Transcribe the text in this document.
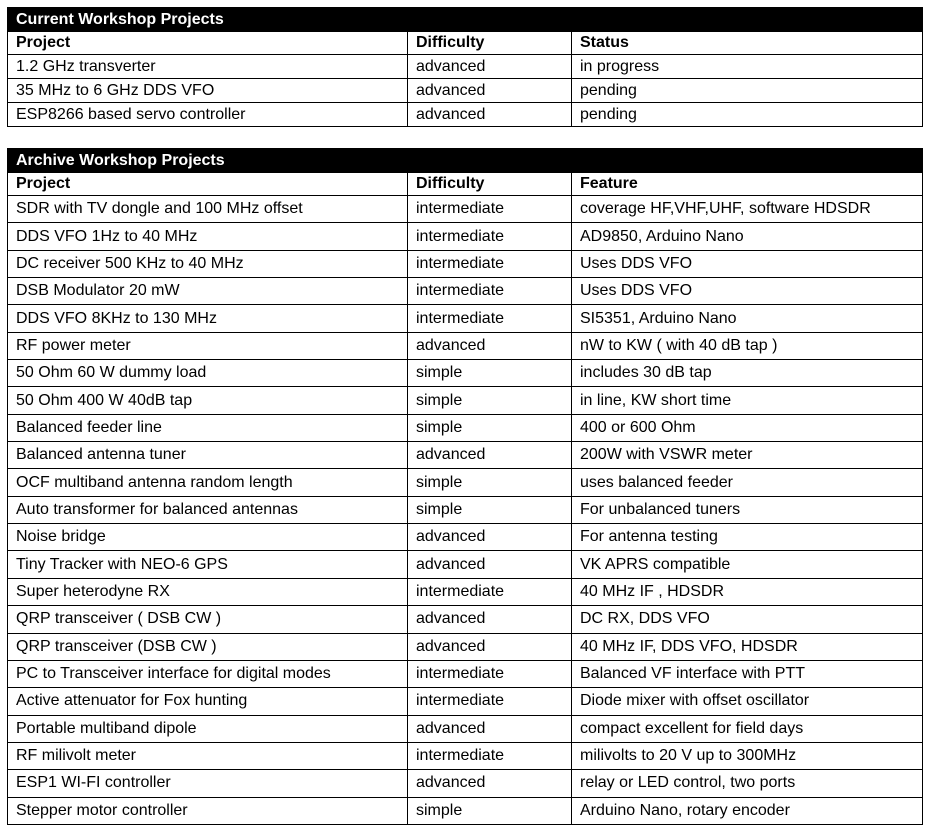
Current Workshop Projects		
Project	Difficulty	Status
1.2 GHz transverter	advanced	in progress
35 MHz to 6 GHz DDS VFO	advanced	pending
ESP8266 based servo controller	advanced	pending
Archive Workshop Projects		
Project	Difficulty	Feature
SDR with TV dongle and 100 MHz offset	intermediate	coverage HF,VHF,UHF, software HDSDR
DDS VFO 1Hz to 40 MHz	intermediate	AD9850, Arduino Nano
DC receiver 500 KHz to 40 MHz	intermediate	Uses DDS VFO
DSB Modulator 20 mW	intermediate	Uses DDS VFO
DDS VFO 8KHz to 130 MHz	intermediate	SI5351, Arduino Nano
RF power meter	advanced	nW to KW ( with 40 dB tap )
50 Ohm 60 W dummy load	simple	includes 30 dB tap
50 Ohm 400 W 40dB tap	simple	in line, KW short time
Balanced feeder line	simple	400 or 600 Ohm
Balanced antenna tuner	advanced	200W with VSWR meter
OCF multiband antenna random length	simple	uses balanced feeder
Auto transformer for balanced antennas	simple	For unbalanced tuners
Noise bridge	advanced	For antenna testing
Tiny Tracker with NEO-6 GPS	advanced	VK APRS compatible
Super heterodyne RX	intermediate	40 MHz IF , HDSDR
QRP transceiver ( DSB CW )	advanced	DC RX, DDS VFO
QRP transceiver (DSB CW )	advanced	40 MHz IF, DDS VFO, HDSDR
PC to Transceiver interface for digital modes	intermediate	Balanced VF interface with PTT
Active attenuator for Fox hunting	intermediate	Diode mixer with offset oscillator
Portable multiband dipole	advanced	compact excellent for field days
RF milivolt meter	intermediate	milivolts to 20 V up to 300MHz
ESP1 WI-FI controller	advanced	relay or LED control, two ports
Stepper motor controller	simple	Arduino Nano, rotary encoder
